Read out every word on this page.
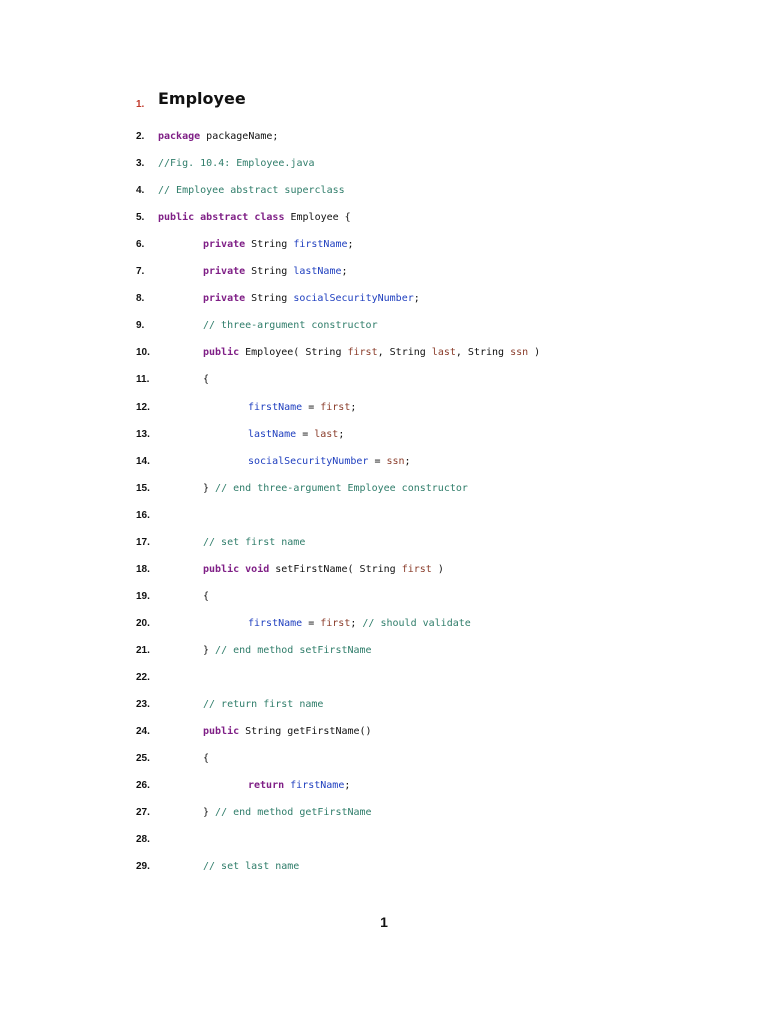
1.

Employee

2.	package packageName;
3.	//Fig. 10.4: Employee.java
4.	// Employee abstract superclass
5.	public abstract class Employee {
6.	private String firstName;
7.	private String lastName;
8.	private String socialSecurityNumber;
9.	// three-argument constructor
10.	public Employee( String first, String last, String ssn )
11.	{
12.	firstName = first;
13.	lastName = last;
14.	socialSecurityNumber = ssn;
15.	} // end three-argument Employee constructor
16.
17.	// set first name
18.	public void setFirstName( String first )
19.	{
20.	firstName = first; // should validate
21.	} // end method setFirstName
22.
23.	// return first name
24.	public String getFirstName()
25.	{
26.	return firstName;
27.	} // end method getFirstName
28.
29.	// set last name
1
